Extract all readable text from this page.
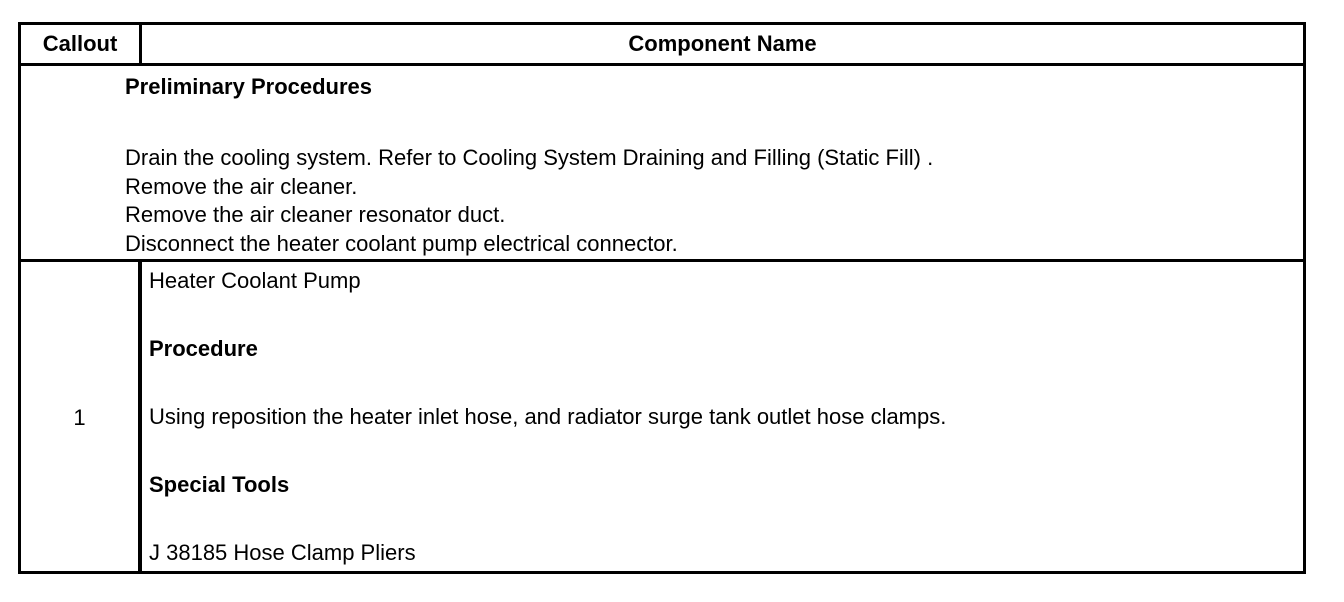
Callout	Component Name
Preliminary Procedures
Drain the cooling system. Refer to Cooling System Draining and Filling (Static Fill) .
Remove the air cleaner.
Remove the air cleaner resonator duct.
Disconnect the heater coolant pump electrical connector.
1
Heater Coolant Pump
Procedure
Using reposition the heater inlet hose, and radiator surge tank outlet hose clamps.
Special Tools
J 38185 Hose Clamp Pliers
